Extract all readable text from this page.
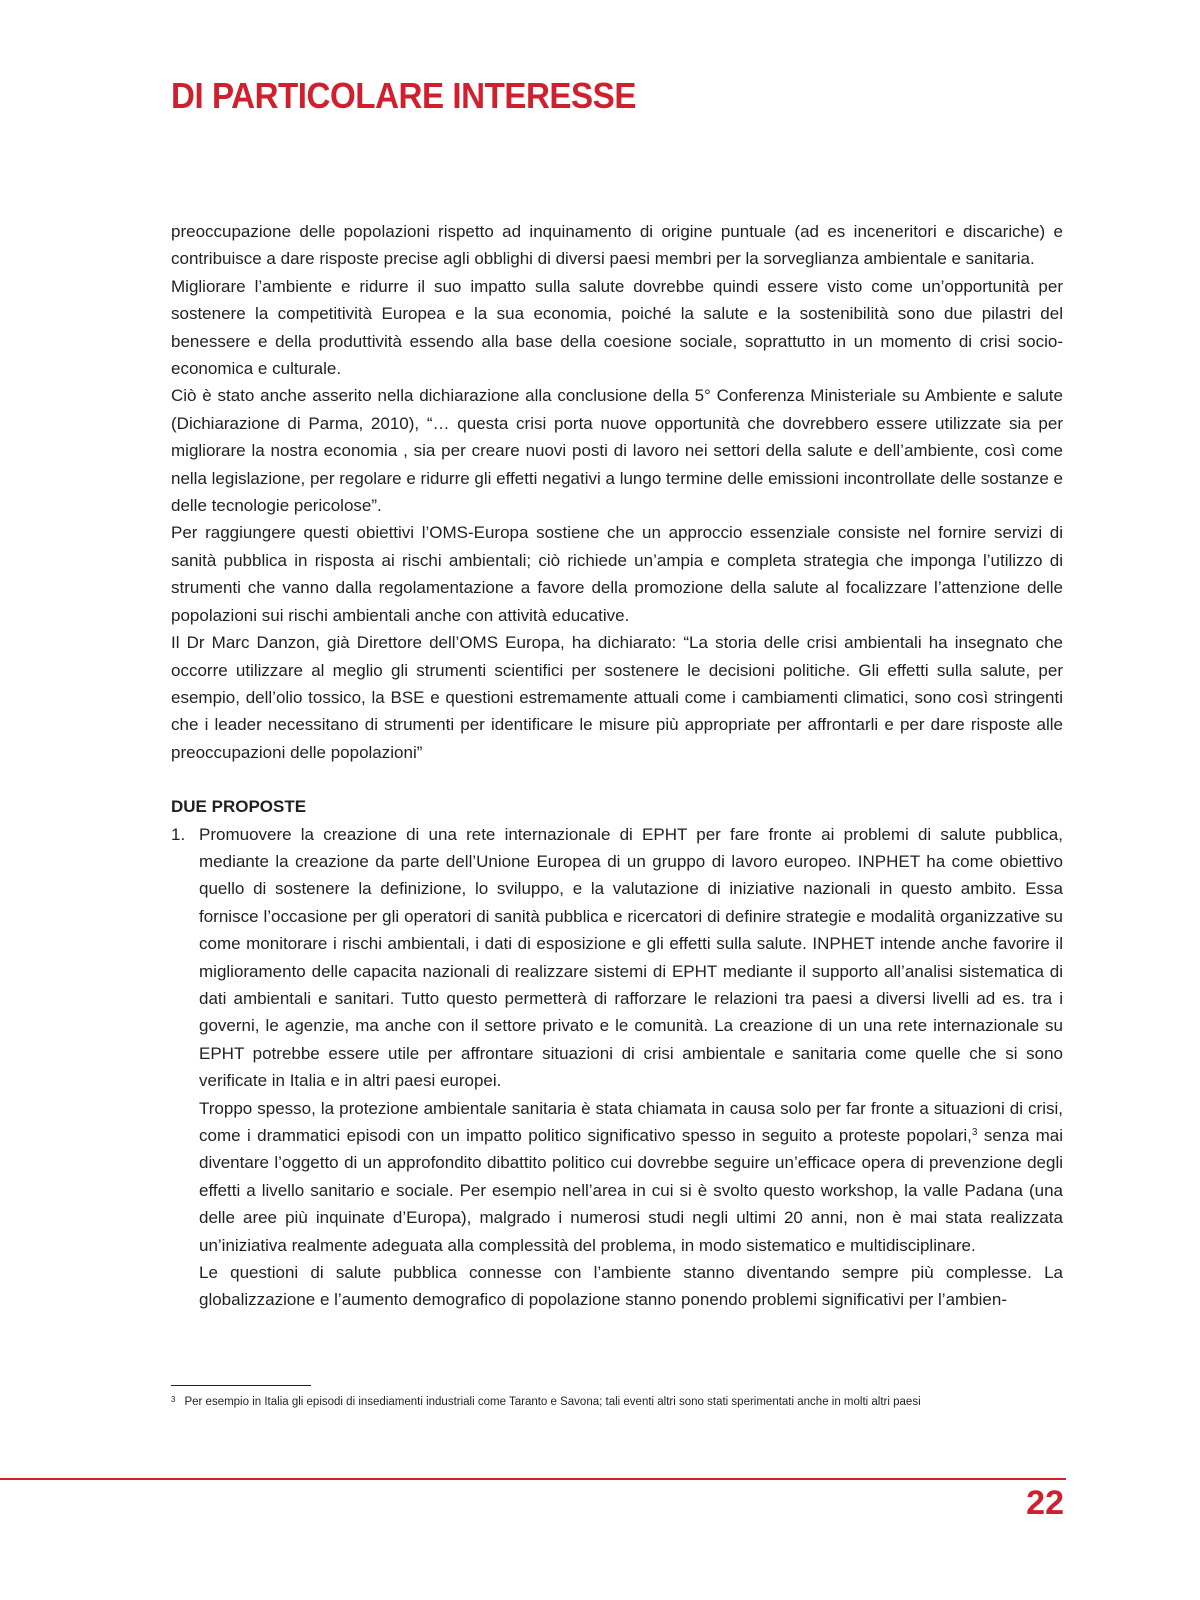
DI PARTICOLARE INTERESSE

preoccupazione delle popolazioni rispetto ad inquinamento di origine puntuale (ad es inceneritori e discariche) e contribuisce a dare risposte precise agli obblighi di diversi paesi membri per la sorveglianza ambientale e sanitaria.

Migliorare l’ambiente e ridurre il suo impatto sulla salute dovrebbe quindi essere visto come un’opportunità per sostenere la competitività Europea e la sua economia, poiché la salute e la sostenibilità sono due pilastri del benessere e della produttività essendo alla base della coesione sociale, soprattutto in un momento di crisi socio-economica e culturale.

Ciò è stato anche asserito nella dichiarazione alla conclusione della 5° Conferenza Ministeriale su Ambiente e salute (Dichiarazione di Parma, 2010), “… questa crisi porta nuove opportunità che dovrebbero essere utilizzate sia per migliorare la nostra economia , sia per creare nuovi posti di lavoro nei settori della salute e dell’ambiente, così come nella legislazione, per regolare e ridurre gli effetti negativi a lungo termine delle emissioni incontrollate delle sostanze e delle tecnologie pericolose”.

Per raggiungere questi obiettivi l’OMS-Europa sostiene che un approccio essenziale consiste nel fornire servizi di sanità pubblica in risposta ai rischi ambientali; ciò richiede un’ampia e completa strategia che imponga l’utilizzo di strumenti che vanno dalla regolamentazione a favore della promozione della salute al focalizzare l’attenzione delle popolazioni sui rischi ambientali anche con attività educative.

Il Dr Marc Danzon, già Direttore dell’OMS Europa, ha dichiarato: “La storia delle crisi ambientali ha insegnato che occorre utilizzare al meglio gli strumenti scientifici per sostenere le decisioni politiche. Gli effetti sulla salute, per esempio, dell’olio tossico, la BSE e questioni estremamente attuali come i cambiamenti climatici, sono così stringenti che i leader necessitano di strumenti per identificare le misure più appropriate per affrontarli e per dare risposte alle preoccupazioni delle popolazioni”

DUE PROPOSTE
1. Promuovere la creazione di una rete internazionale di EPHT per fare fronte ai problemi di salute pubblica, mediante la creazione da parte dell’Unione Europea di un gruppo di lavoro europeo. INPHET ha come obiettivo quello di sostenere la definizione, lo sviluppo, e la valutazione di iniziative nazionali in questo ambito. Essa fornisce l’occasione per gli operatori di sanità pubblica e ricercatori di definire strategie e modalità organizzative su come monitorare i rischi ambientali, i dati di esposizione e gli effetti sulla salute. INPHET intende anche favorire il miglioramento delle capacita nazionali di realizzare sistemi di EPHT mediante il supporto all’analisi sistematica di dati ambientali e sanitari. Tutto questo permetterà di rafforzare le relazioni tra paesi a diversi livelli ad es. tra i governi, le agenzie, ma anche con il settore privato e le comunità. La creazione di un una rete internazionale su EPHT potrebbe essere utile per affrontare situazioni di crisi ambientale e sanitaria come quelle che si sono verificate in Italia e in altri paesi europei.

Troppo spesso, la protezione ambientale sanitaria è stata chiamata in causa solo per far fronte a situazioni di crisi, come i drammatici episodi con un impatto politico significativo spesso in seguito a proteste popolari,$^3$ senza mai diventare l’oggetto di un approfondito dibattito politico cui dovrebbe seguire un’efficace opera di prevenzione degli effetti a livello sanitario e sociale. Per esempio nell’area in cui si è svolto questo workshop, la valle Padana (una delle aree più inquinate d’Europa), malgrado i numerosi studi negli ultimi 20 anni, non è mai stata realizzata un’iniziativa realmente adeguata alla complessità del problema, in modo sistematico e multidisciplinare.

Le questioni di salute pubblica connesse con l’ambiente stanno diventando sempre più complesse. La globalizzazione e l’aumento demografico di popolazione stanno ponendo problemi significativi per l’ambien-

3 Per esempio in Italia gli episodi di insediamenti industriali come Taranto e Savona; tali eventi altri sono stati sperimentati anche in molti altri paesi
22
